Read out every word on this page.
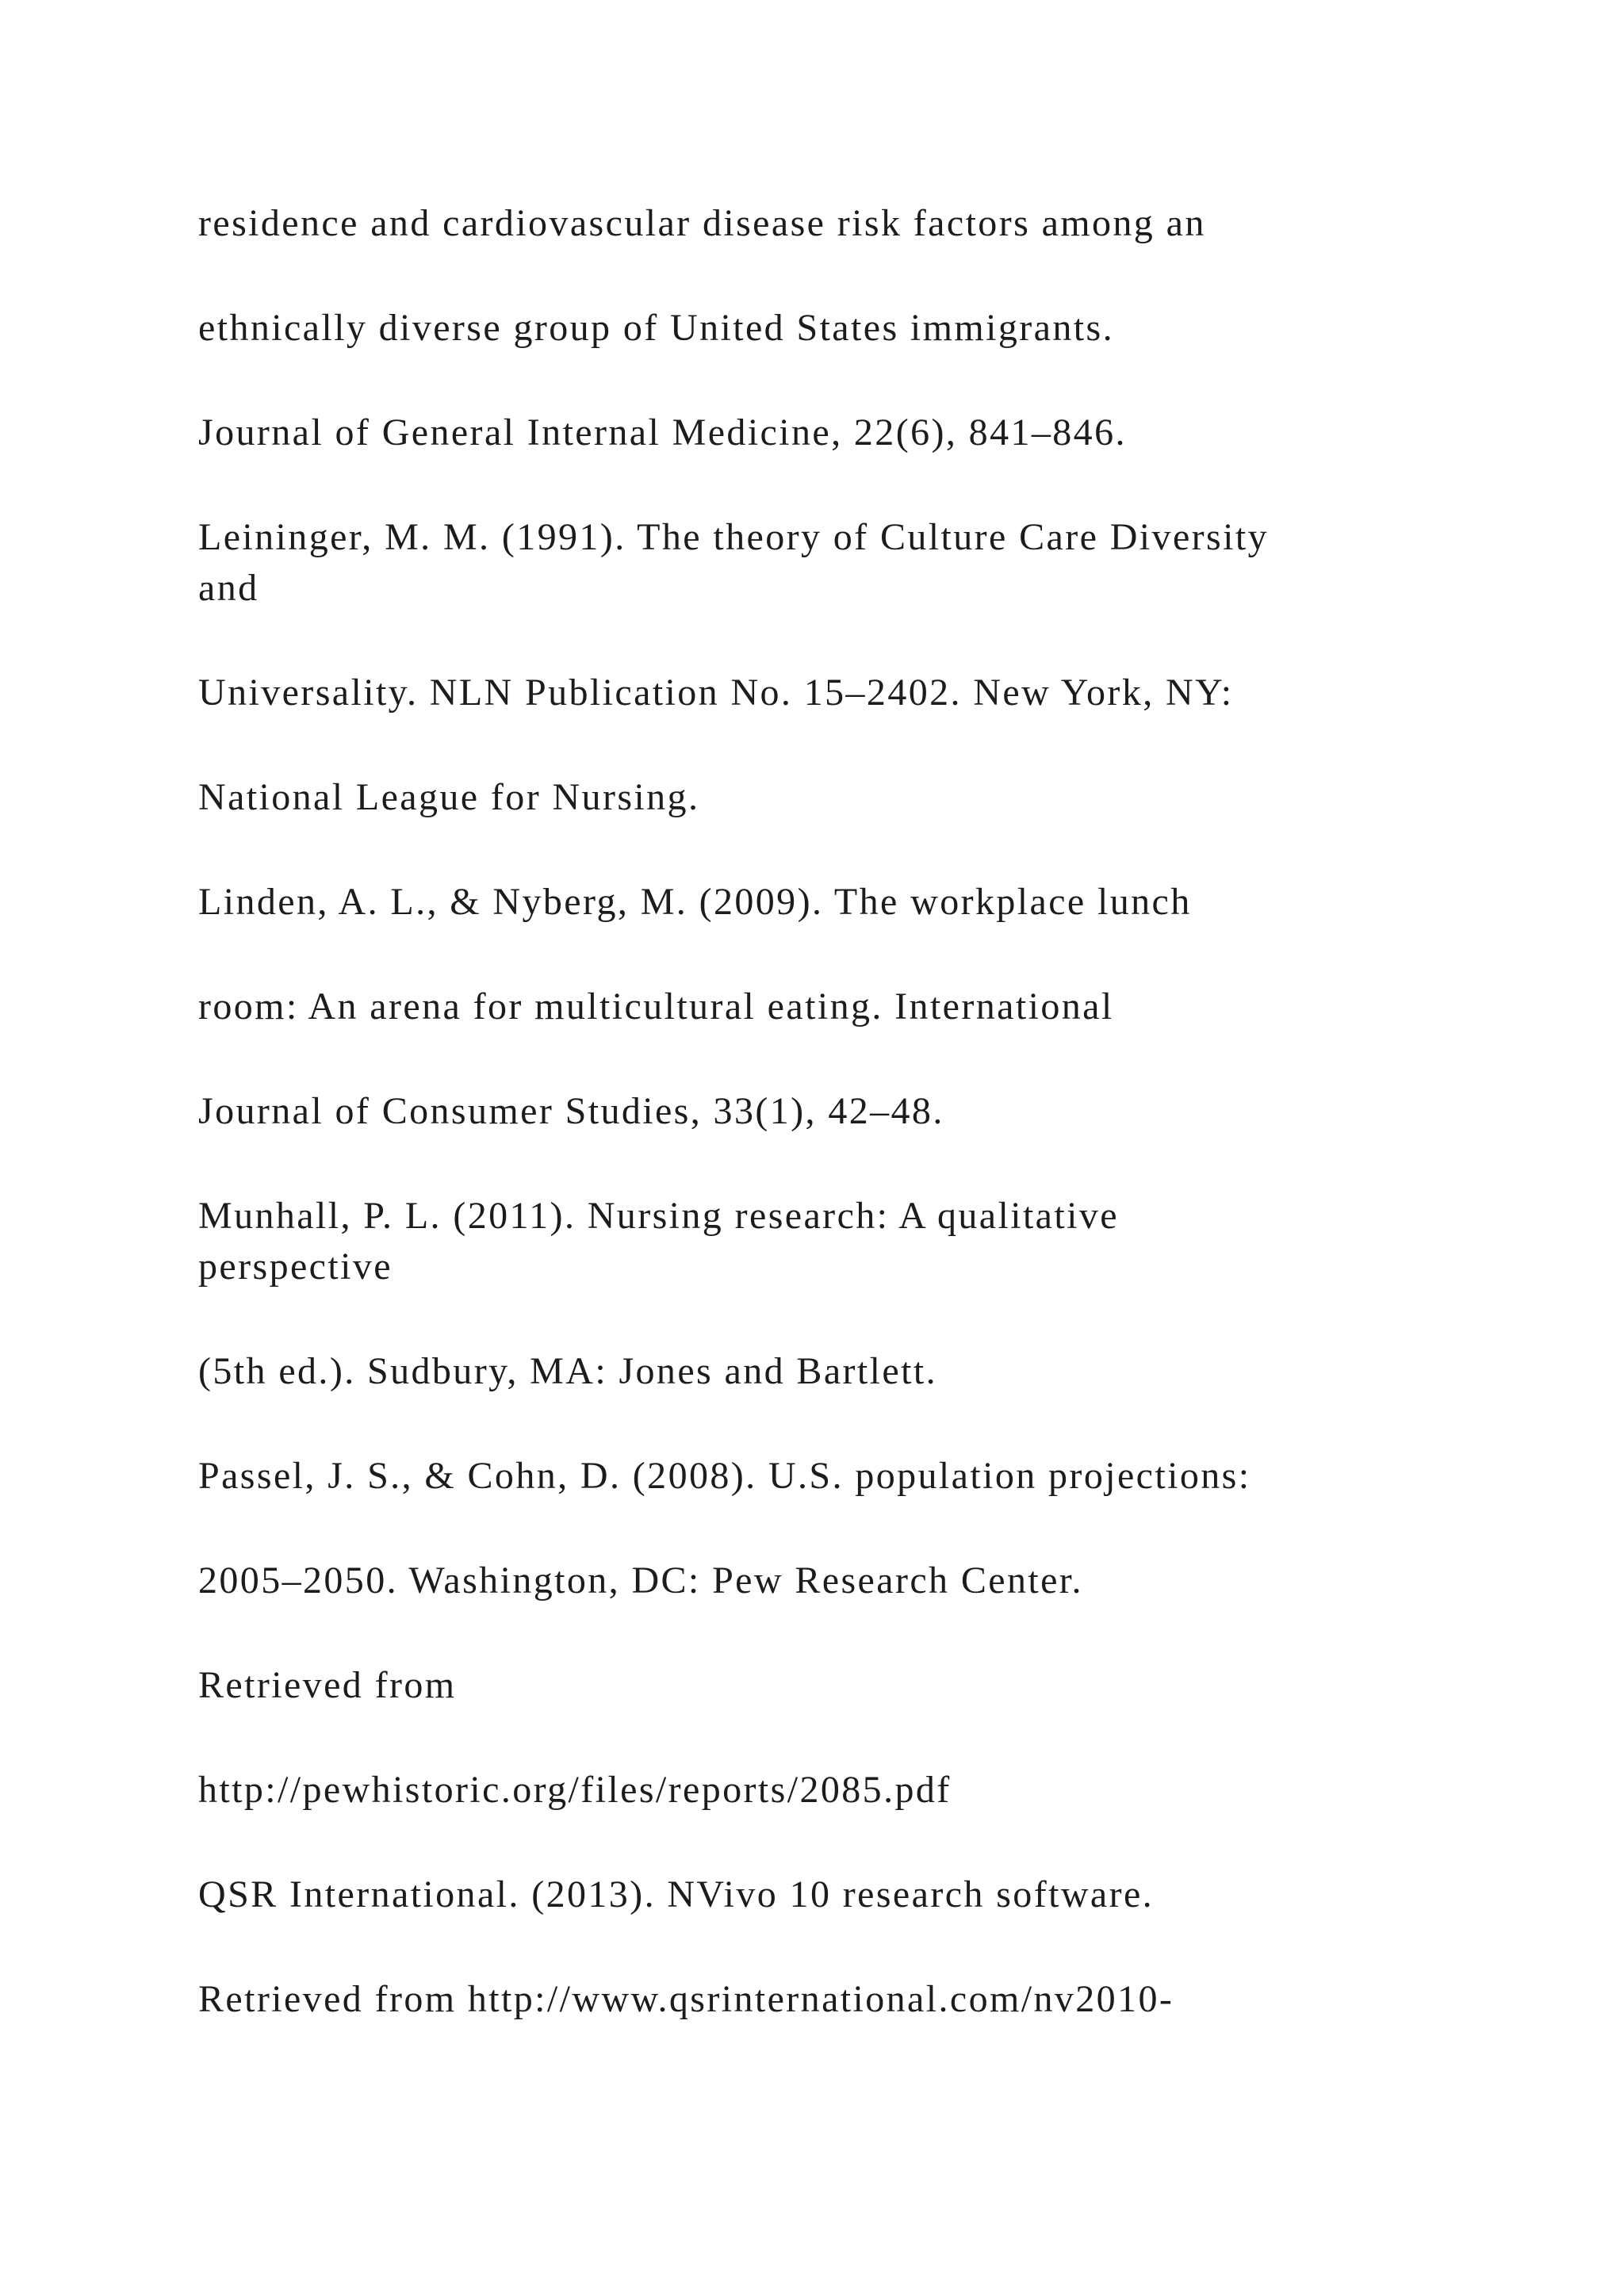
residence and cardiovascular disease risk factors among an

ethnically diverse group of United States immigrants.

Journal of General Internal Medicine, 22(6), 841–846.

Leininger, M. M. (1991). The theory of Culture Care Diversity

and

Universality. NLN Publication No. 15–2402. New York, NY:

National League for Nursing.

Linden, A. L., & Nyberg, M. (2009). The workplace lunch

room: An arena for multicultural eating. International

Journal of Consumer Studies, 33(1), 42–48.

Munhall, P. L. (2011). Nursing research: A qualitative

perspective

(5th ed.). Sudbury, MA: Jones and Bartlett.

Passel, J. S., & Cohn, D. (2008). U.S. population projections:

2005–2050. Washington, DC: Pew Research Center.

Retrieved from

http://pewhistoric.org/files/reports/2085.pdf

QSR International. (2013). NVivo 10 research software.

Retrieved from http://www.qsrinternational.com/nv2010-
